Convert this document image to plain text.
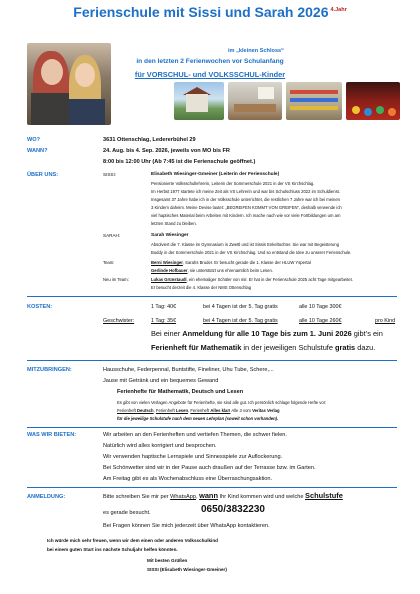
Ferienschule mit Sissi und Sarah 2026 $^{4.Jahr}$
im „kleinen Schloss“
in den letzten 2 Ferienwochen vor Schulanfang
für VORSCHUL- und VOLKSSCHUL-Kinder
WO?	3631 Ottenschlag, Ledererbühel 29
WANN?	24. Aug. bis 4. Sep. 2026, jeweils von MO bis FR
8:00 bis 12:00 Uhr (Ab 7:45 ist die Ferienschule geöffnet.)
ÜBER UNS:	SISSI:	Elisabeth Wiesinger-Gmeiner (Leiterin der Ferienschule)
Pensionierte Volksschullehrerin, Leiterin der Sommerschule 2021 in der VS Kirchschlag.
Im Herbst 1977 startete ich meine Zeit als VS Lehrerin und war bis Schulschluss 2022 im Schuldienst.
Insgesamt 37 Jahre habe ich in der Volksschule unterrichtet, die restlichen 7 Jahre war ich bei meinen
3 Kindern daheim. Meine Devise lautet: „BEGREIFEN KOMMT VON GREIFEN“, deshalb verwende ich
viel haptisches Material beim Arbeiten mit Kindern. Ich mache nach wie vor viele Fortbildungen um am
letzten Stand zu bleiben.
SARAH:	Sarah Wiesinger
Absolviert die 7. Klasse im Gymnasium in Zwettl und ist Sissis Enkeltochter. Sie war mit Begeisterung
Buddy in der Sommerschule 2021 in der VS Kirchschlag. Und so entstand die Idee zu unserer Ferienschule.
Team:	Berni Wiesinger, Sarahs Bruder. Er besucht gerade die 1. Klasse der HLUW Yspertal
Gerlinde Hofbauer, sie unterstützt uns ehrenamtlich beim Lesen.
Neu im Team:	Lukas Grünstaudl, ein ehemaliger Schüler von mir. Er hat in der Ferienschule 2025 acht Tage mitgearbeitet.
Er besucht derzeit die 4. Klasse der NMS Ottenschlag
KOSTEN:	1 Tag: 40€	bei 4 Tagen ist der 5. Tag gratis	alle 10 Tage 300€
Geschwister:	1 Tag: 35€	bei 4 Tagen ist der 5. Tag gratis	alle 10 Tage 260€	pro Kind
Bei einer Anmeldung für alle 10 Tage bis zum 1. Juni 2026 gibt’s ein
Ferienheft für Mathematik in der jeweiligen Schulstufe gratis dazu.
MITZUBRINGEN:	Hausschuhe, Federpennal, Buntstifte, Fineliner, Uhu Tube, Schere,...
Jause mit Getränk und ein bequemes Gewand
Ferienhefte für Mathematik, Deutsch und Lesen
Es gibt von vielen Verlagen Angebote für Ferienhefte, sie sind alle gut. Ich persönlich schlage folgende Hefte vor:
Ferienheft Deutsch, Ferienheft Lesen, Ferienheft Alles klar! Alle 3 vom Veritas Verlag
für die jeweilige Schulstufe nach dem neuen Lehrplan (soweit schon vorhanden).
WAS WIR BIETEN:	Wir arbeiten an den Ferienheften und vertiefen Themen, die schwer fielen.
Natürlich wird alles korrigiert und besprochen.
Wir verwenden haptische Lernspiele und Sinnesspiele zur Auflockerung.
Bei Schönwetter sind wir in der Pause auch draußen auf der Terrasse bzw. im Garten.
Am Freitag gibt es als Wochenabschluss eine Überraschungsaktion.
ANMELDUNG:	Bitte schreiben Sie mir per WhatsApp, wann Ihr Kind kommen wird und welche Schulstufe
es gerade besucht.	0650/3832230
Bei Fragen können Sie mich jederzeit über WhatsApp kontaktieren.
Ich würde mich sehr freuen, wenn wir dem einen oder anderen Volksschulkind
bei einem guten Start ins nächste Schuljahr helfen könnten.
Mit besten Grüßen
SISSI (Elisabeth Wiesinger-Gmeiner)
